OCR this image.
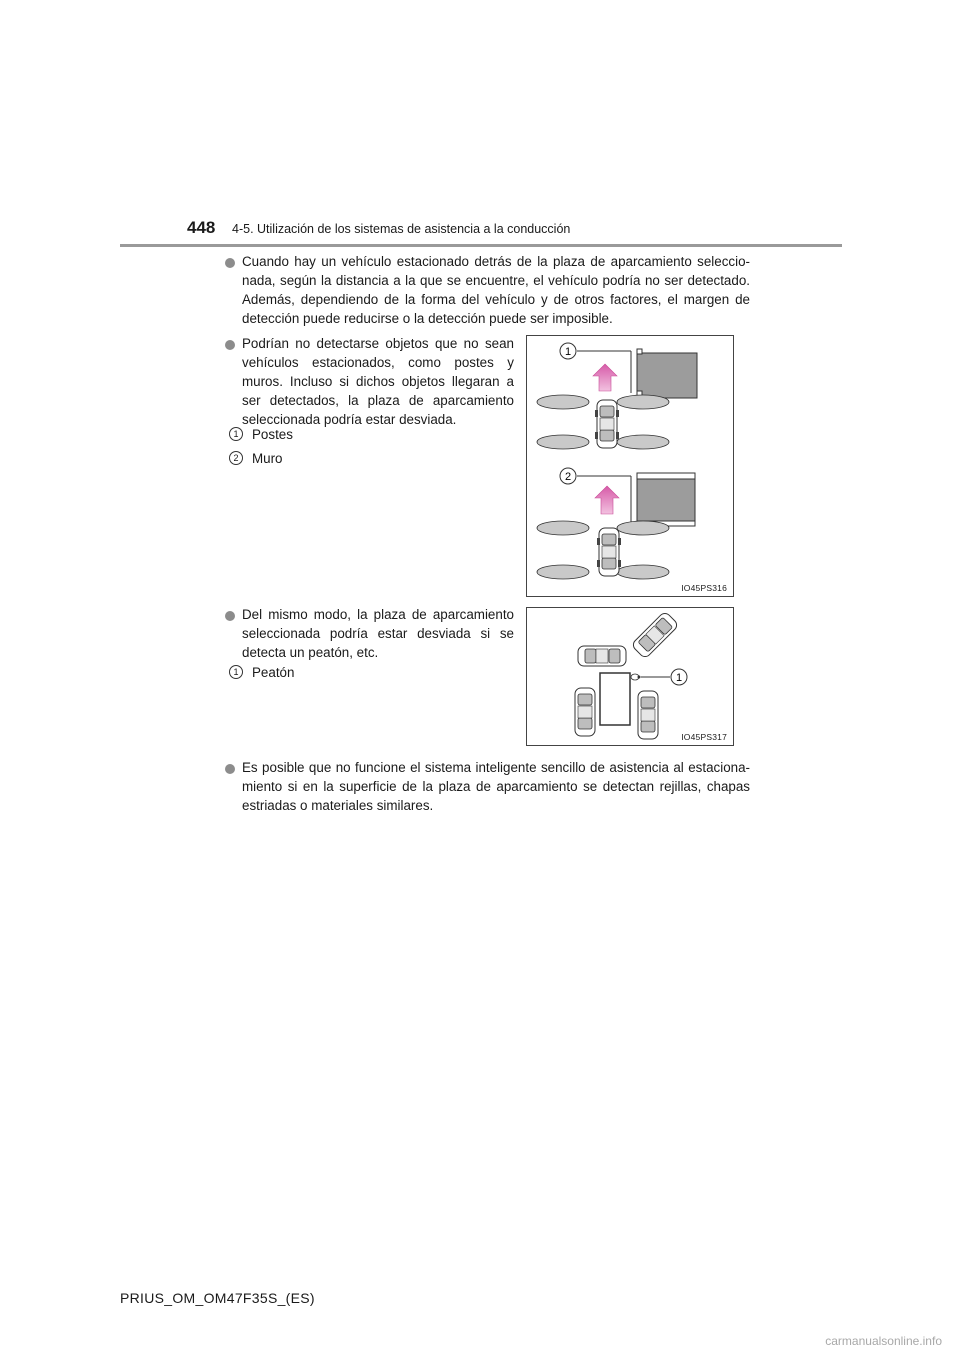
448 4-5. Utilización de los sistemas de asistencia a la conducción
Cuando hay un vehículo estacionado detrás de la plaza de aparcamiento seleccio-nada, según la distancia a la que se encuentre, el vehículo podría no ser detectado. Además, dependiendo de la forma del vehículo y de otros factores, el margen de detección puede reducirse o la detección puede ser imposible.
Podrían no detectarse objetos que no sean vehículos estacionados, como postes y muros. Incluso si dichos objetos llegaran a ser detectados, la plaza de aparcamiento seleccionada podría estar desviada.
1	Postes
2	Muro
1
2
IO45PS316
Del mismo modo, la plaza de aparcamiento seleccionada podría estar desviada si se detecta un peatón, etc.
1	Peatón	1
IO45PS317
Es posible que no funcione el sistema inteligente sencillo de asistencia al estaciona-miento si en la superficie de la plaza de aparcamiento se detectan rejillas, chapas estriadas o materiales similares.
PRIUS_OM_OM47F35S_(ES)
carmanualsonline.info
